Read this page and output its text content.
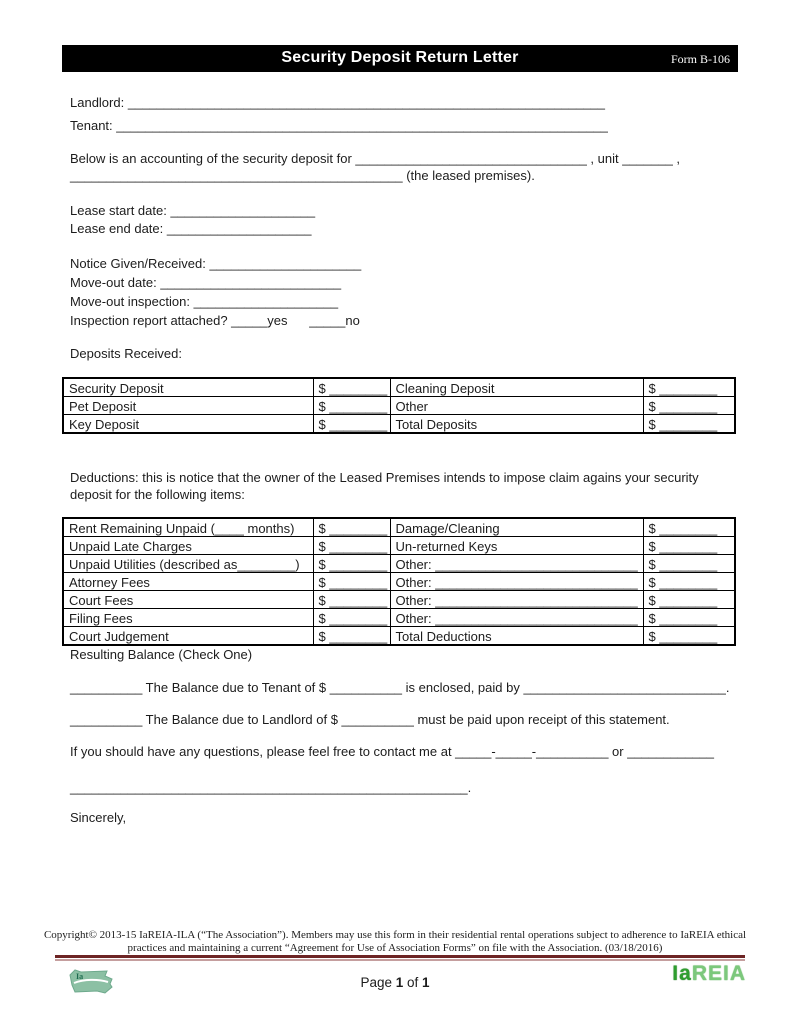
Security Deposit Return Letter	Form B-106
Landlord: __________________________________________________________________
Tenant: ____________________________________________________________________
Below is an accounting of the security deposit for ________________________________ , unit _______ ,
______________________________________________ (the leased premises).
Lease start date: ____________________
Lease end date: ____________________
Notice Given/Received: _____________________
Move-out date: _________________________
Move-out inspection: ____________________
Inspection report attached? _____yes      _____no
Deposits Received:
Security Deposit	$ ________	Cleaning Deposit	$ ________
Pet Deposit	$ ________	Other	$ ________
Key Deposit	$ ________	Total Deposits	$ ________
Deductions: this is notice that the owner of the Leased Premises intends to impose claim agains your security
deposit for the following items:
Rent Remaining Unpaid (____ months)	$ ________	Damage/Cleaning	$ ________
Unpaid Late Charges	$ ________	Un-returned Keys	$ ________
Unpaid Utilities (described as________)	$ ________	Other: ____________________________	$ ________
Attorney Fees	$ ________	Other: ____________________________	$ ________
Court Fees	$ ________	Other: ____________________________	$ ________
Filing Fees	$ ________	Other: ____________________________	$ ________
Court Judgement	$ ________	Total Deductions	$ ________
Resulting Balance (Check One)
__________ The Balance due to Tenant of $ __________ is enclosed, paid by ____________________________.
__________ The Balance due to Landlord of $ __________ must be paid upon receipt of this statement.
If you should have any questions, please feel free to contact me at _____-_____-__________ or ____________
_______________________________________________________.
Sincerely,
Copyright© 2013-15 IaREIA-ILA (“The Association”). Members may use this form in their residential rental operations subject to adherence to IaREIA ethical
practices and maintaining a current “Agreement for Use of Association Forms” on file with the Association. (03/18/2016)
Ia	Page 1 of 1	IaREIA
